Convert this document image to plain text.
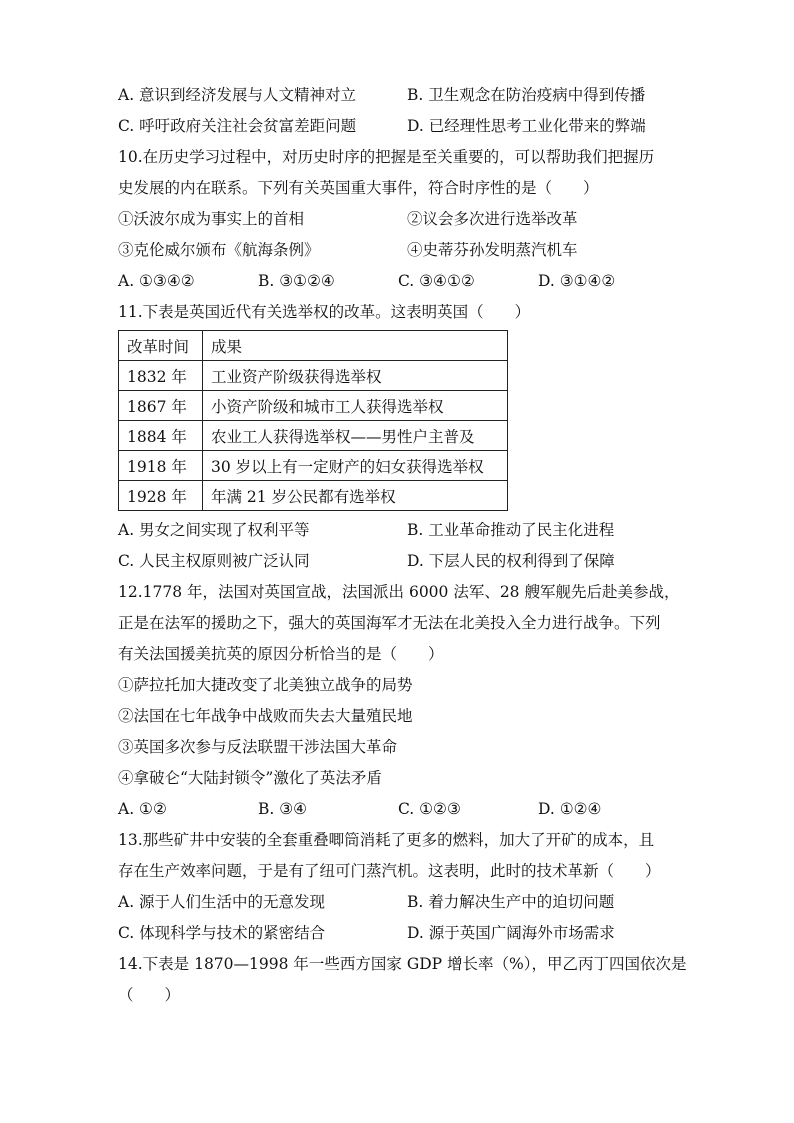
A. 意识到经济发展与人文精神对立	B. 卫生观念在防治疫病中得到传播
C. 呼吁政府关注社会贫富差距问题	D. 已经理性思考工业化带来的弊端
10.在历史学习过程中，对历史时序的把握是至关重要的，可以帮助我们把握历
史发展的内在联系。下列有关英国重大事件，符合时序性的是（　　）
①沃波尔成为事实上的首相	②议会多次进行选举改革
③克伦威尔颁布《航海条例》	④史蒂芬孙发明蒸汽机车
A. ①③④②	B. ③①②④	C. ③④①②	D. ③①④②
11.下表是英国近代有关选举权的改革。这表明英国（　　）
改革时间	成果
1832 年	工业资产阶级获得选举权
1867 年	小资产阶级和城市工人获得选举权
1884 年	农业工人获得选举权——男性户主普及
1918 年	30 岁以上有一定财产的妇女获得选举权
1928 年	年满 21 岁公民都有选举权
A. 男女之间实现了权利平等	B. 工业革命推动了民主化进程
C. 人民主权原则被广泛认同	D. 下层人民的权利得到了保障
12.1778 年，法国对英国宣战，法国派出 6000 法军、28 艘军舰先后赴美参战，
正是在法军的援助之下，强大的英国海军才无法在北美投入全力进行战争。下列
有关法国援美抗英的原因分析恰当的是（　　）
①萨拉托加大捷改变了北美独立战争的局势
②法国在七年战争中战败而失去大量殖民地
③英国多次参与反法联盟干涉法国大革命
④拿破仑“大陆封锁令”激化了英法矛盾
A. ①②	B. ③④	C. ①②③	D. ①②④
13.那些矿井中安装的全套重叠唧筒消耗了更多的燃料，加大了开矿的成本，且
存在生产效率问题，于是有了纽可门蒸汽机。这表明，此时的技术革新（　　）
A. 源于人们生活中的无意发现	B. 着力解决生产中的迫切问题
C. 体现科学与技术的紧密结合	D. 源于英国广阔海外市场需求
14.下表是 1870—1998 年一些西方国家 GDP 增长率（%），甲乙丙丁四国依次是
（　　）
